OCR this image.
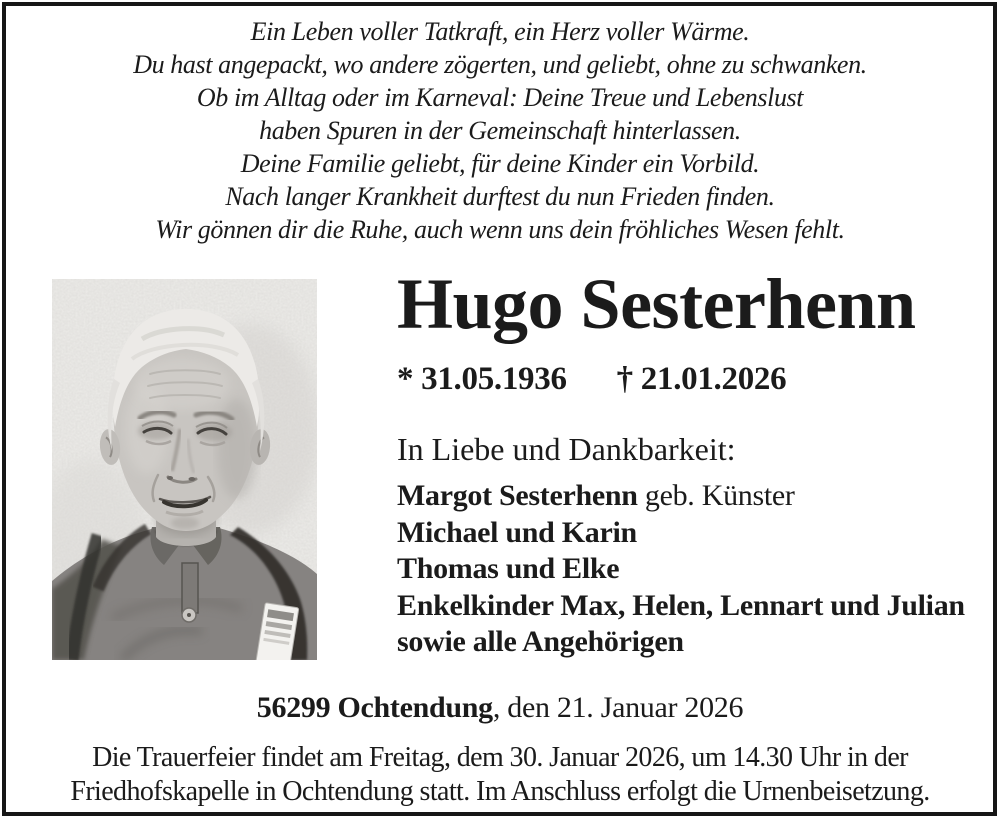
Ein Leben voller Tatkraft, ein Herz voller Wärme.
Du hast angepackt, wo andere zögerten, und geliebt, ohne zu schwanken.
Ob im Alltag oder im Karneval: Deine Treue und Lebenslust
haben Spuren in der Gemeinschaft hinterlassen.
Deine Familie geliebt, für deine Kinder ein Vorbild.
Nach langer Krankheit durftest du nun Frieden finden.
Wir gönnen dir die Ruhe, auch wenn uns dein fröhliches Wesen fehlt.
Hugo Sesterhenn
* 31.05.1936 † 21.01.2026
In Liebe und Dankbarkeit:
Margot Sesterhenn geb. Künster
Michael und Karin
Thomas und Elke
Enkelkinder Max, Helen, Lennart und Julian
sowie alle Angehörigen
56299 Ochtendung, den 21. Januar 2026
Die Trauerfeier findet am Freitag, dem 30. Januar 2026, um 14.30 Uhr in der
Friedhofskapelle in Ochtendung statt. Im Anschluss erfolgt die Urnenbeisetzung.
